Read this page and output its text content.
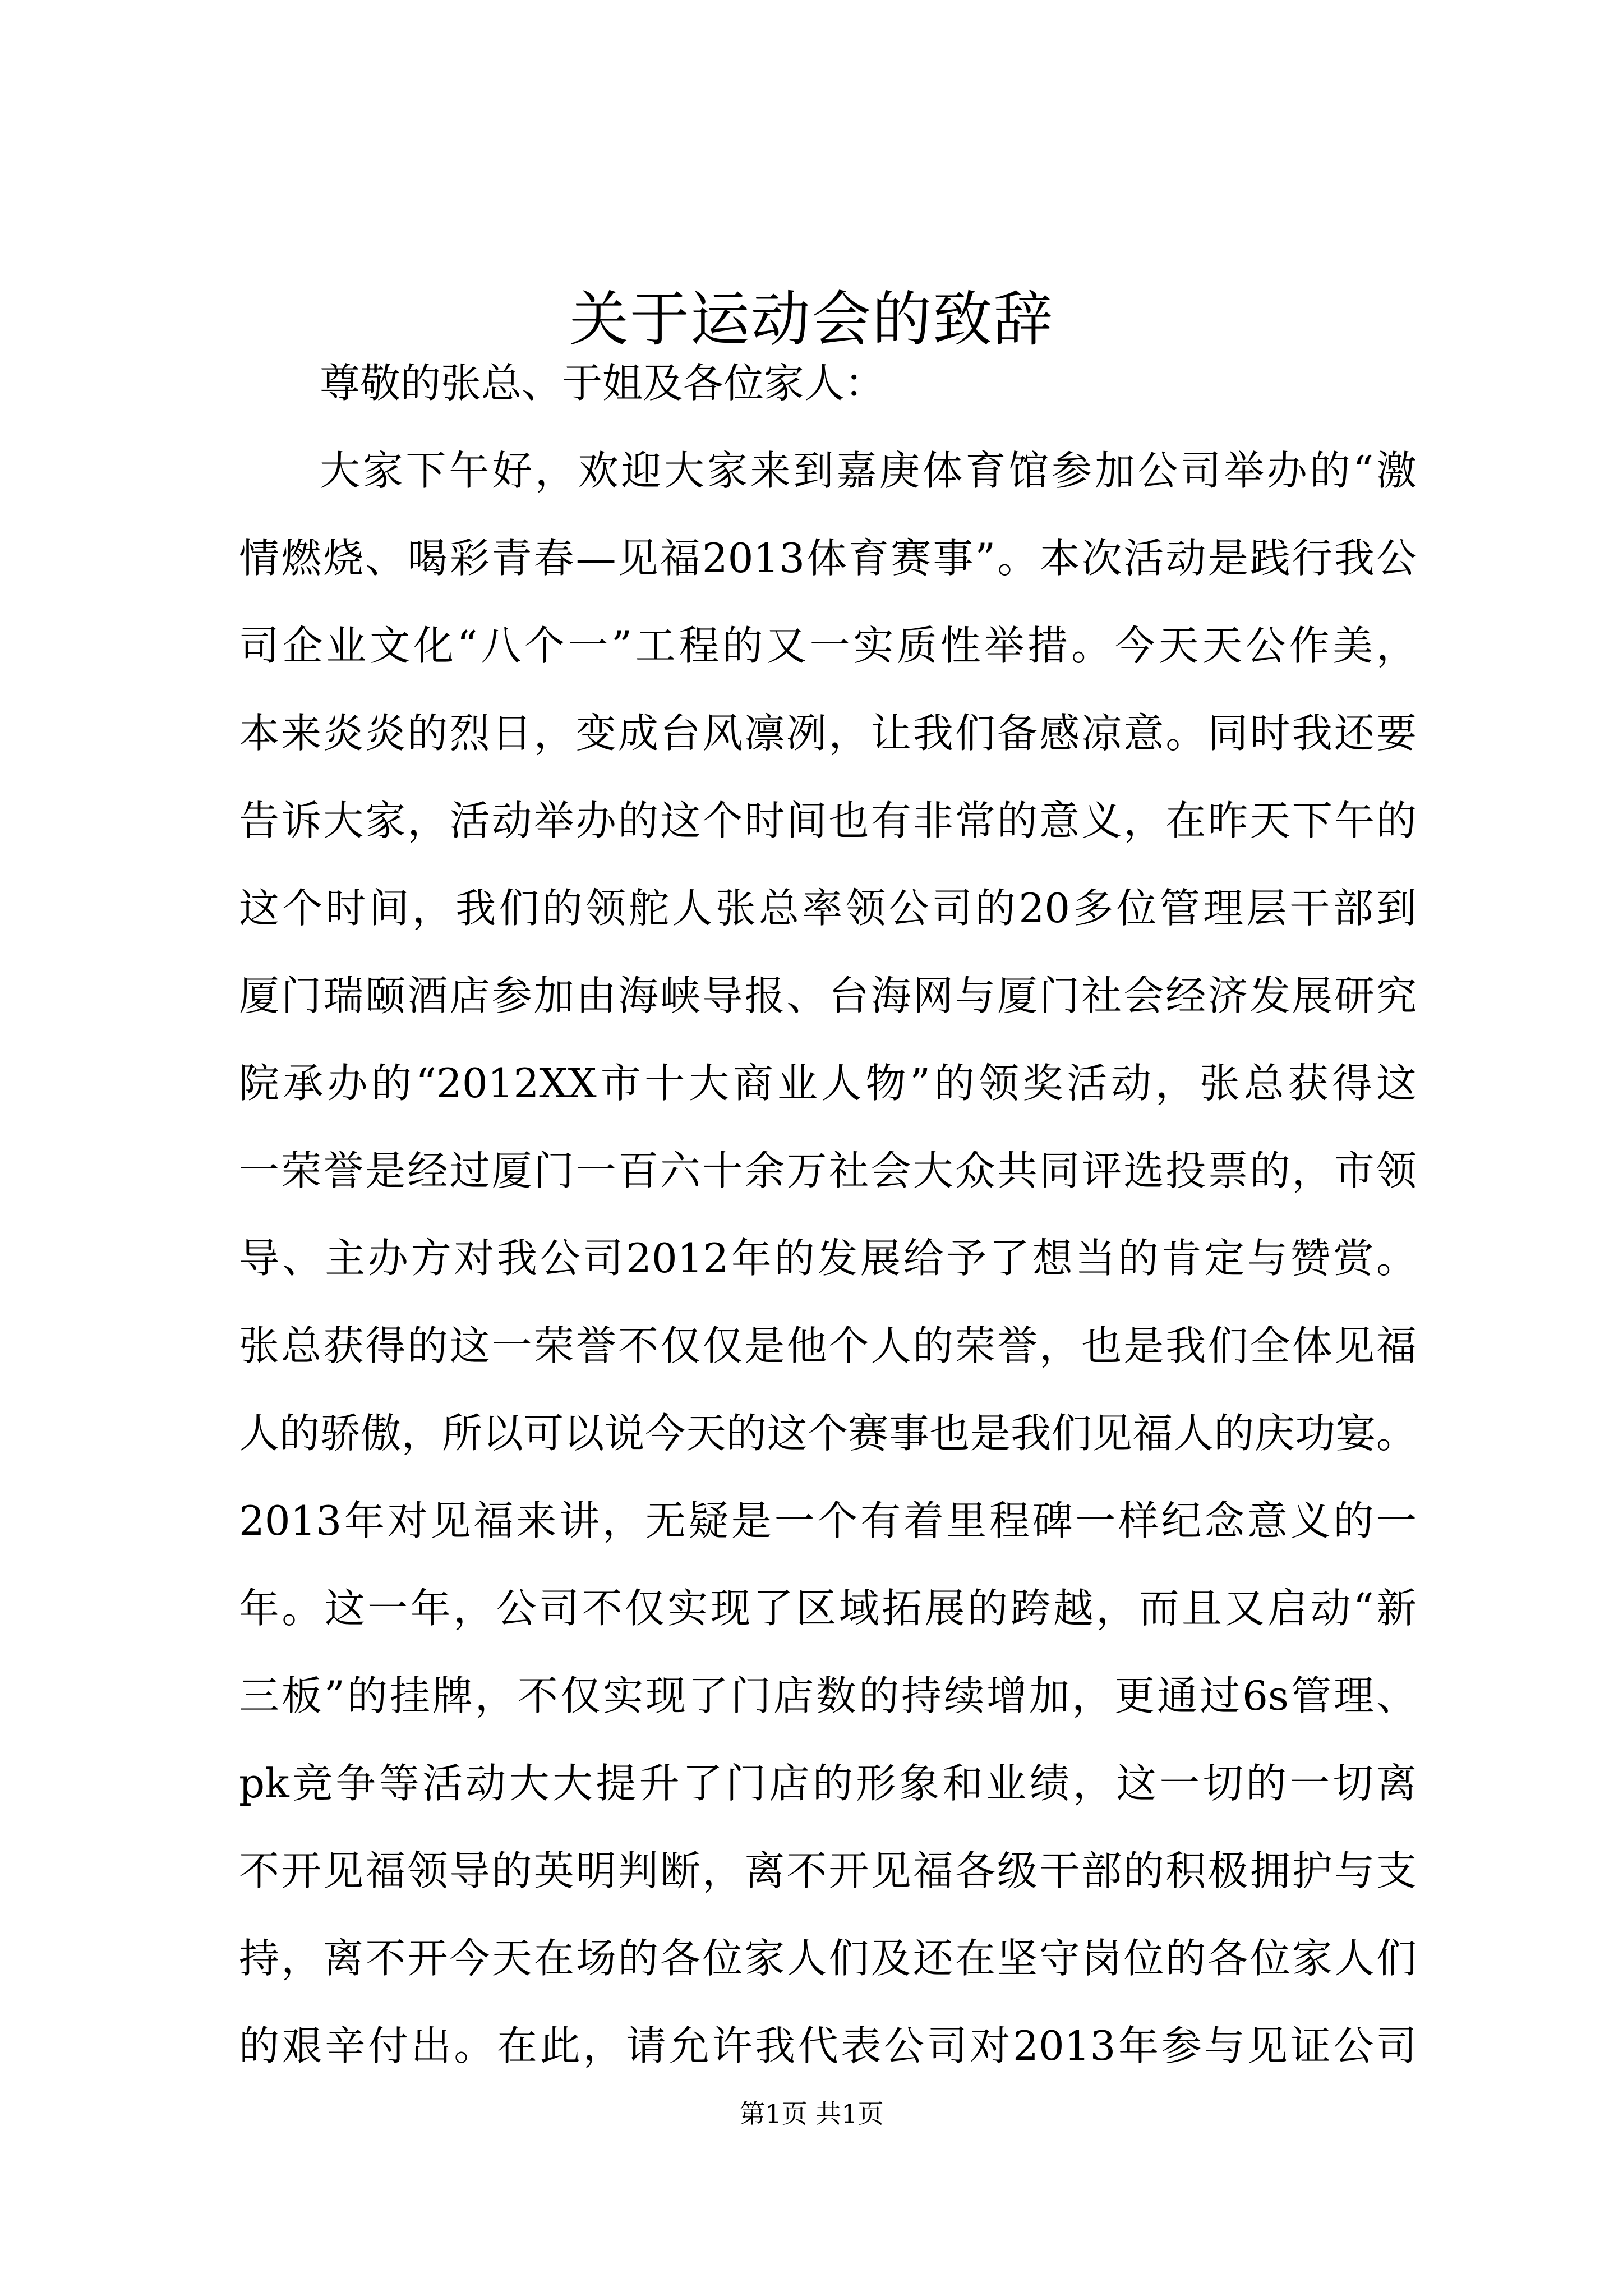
关于运动会的致辞
尊敬的张总、于姐及各位家人：
大家下午好，欢迎大家来到嘉庚体育馆参加公司举办的“激
情燃烧、喝彩青春—见福2013体育赛事”。本次活动是践行我公
司企业文化“八个一”工程的又一实质性举措。今天天公作美，
本来炎炎的烈日，变成台风凛冽，让我们备感凉意。同时我还要
告诉大家，活动举办的这个时间也有非常的意义，在昨天下午的
这个时间，我们的领舵人张总率领公司的20多位管理层干部到
厦门瑞颐酒店参加由海峡导报、台海网与厦门社会经济发展研究
院承办的“2012XX市十大商业人物”的领奖活动，张总获得这
一荣誉是经过厦门一百六十余万社会大众共同评选投票的，市领
导、主办方对我公司2012年的发展给予了想当的肯定与赞赏。
张总获得的这一荣誉不仅仅是他个人的荣誉，也是我们全体见福
人的骄傲，所以可以说今天的这个赛事也是我们见福人的庆功宴。
2013年对见福来讲，无疑是一个有着里程碑一样纪念意义的一
年。这一年，公司不仅实现了区域拓展的跨越，而且又启动“新
三板”的挂牌，不仅实现了门店数的持续增加，更通过6s管理、
pk竞争等活动大大提升了门店的形象和业绩，这一切的一切离
不开见福领导的英明判断，离不开见福各级干部的积极拥护与支
持，离不开今天在场的各位家人们及还在坚守岗位的各位家人们
的艰辛付出。在此，请允许我代表公司对2013年参与见证公司
第1页 共1页
